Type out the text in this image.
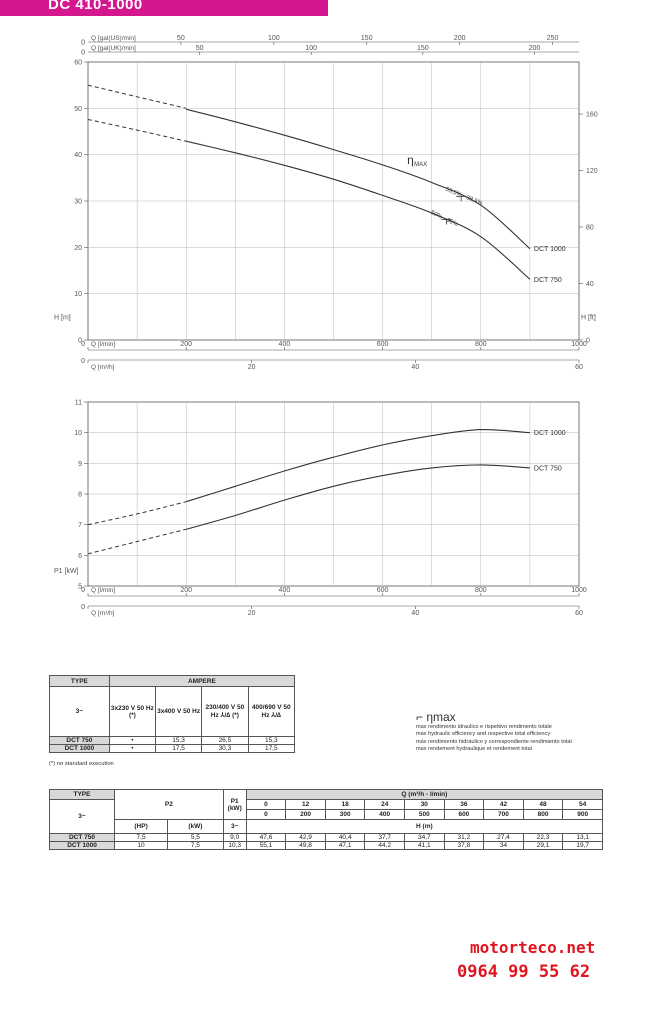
DC 410-1000
0
10
20
30
40
50
60
H [m]
0
40
80
120
160
H [ft]
200	400	600	800	1000
0 Q [l/min]
20	40	60
0
Q [m³/h]
0
0
Q [gal(US)/min]
Q [gal(UK)/min]
50	100	150	200	250
50	100	150	200
DCT 1000
53,5% - 38,5%
DCT 750
50% - 36%
η MAX
5
6
7
8
9
10
11
P1 [kW]
200	400	600	800	1000
0 Q [l/min]
20	40	60
0
Q [m³/h]
DCT 1000
DCT 750
TYPE	AMPERE			
3~	3x230 V 50 Hz (*)	3x400 V 50 Hz	230/400 V 50 Hz ⅄/∆ (*)	400/690 V 50 Hz ⅄/∆
DCT 750	•	15,3	26,5	15,3
DCT 1000	•	17,5	30,3	17,5
(*) no standard execution
⌐ ηmax
max rendimento idraulico e rispettivo rendimento totale
max hydraulic efficiency and respective total efficiency
máx rendimiento hidráulico y correspondiente rendimiento total
max rendement hydraulique et rendement total
TYPE	P2		P1 (kW)	Q (m³/h - l/min)								
3~				0	12	18	24	30	36	42	48	54
				0	200	300	400	500	600	700	800	900
	(HP)	(kW)	3~	H (m)								
DCT 750	7,5	5,5	9,0	47,6	42,9	40,4	37,7	34,7	31,2	27,4	22,3	13,1
DCT 1000	10	7,5	10,3	55,1	49,8	47,1	44,2	41,1	37,8	34	29,1	19,7
motorteco.net
0964 99 55 62
